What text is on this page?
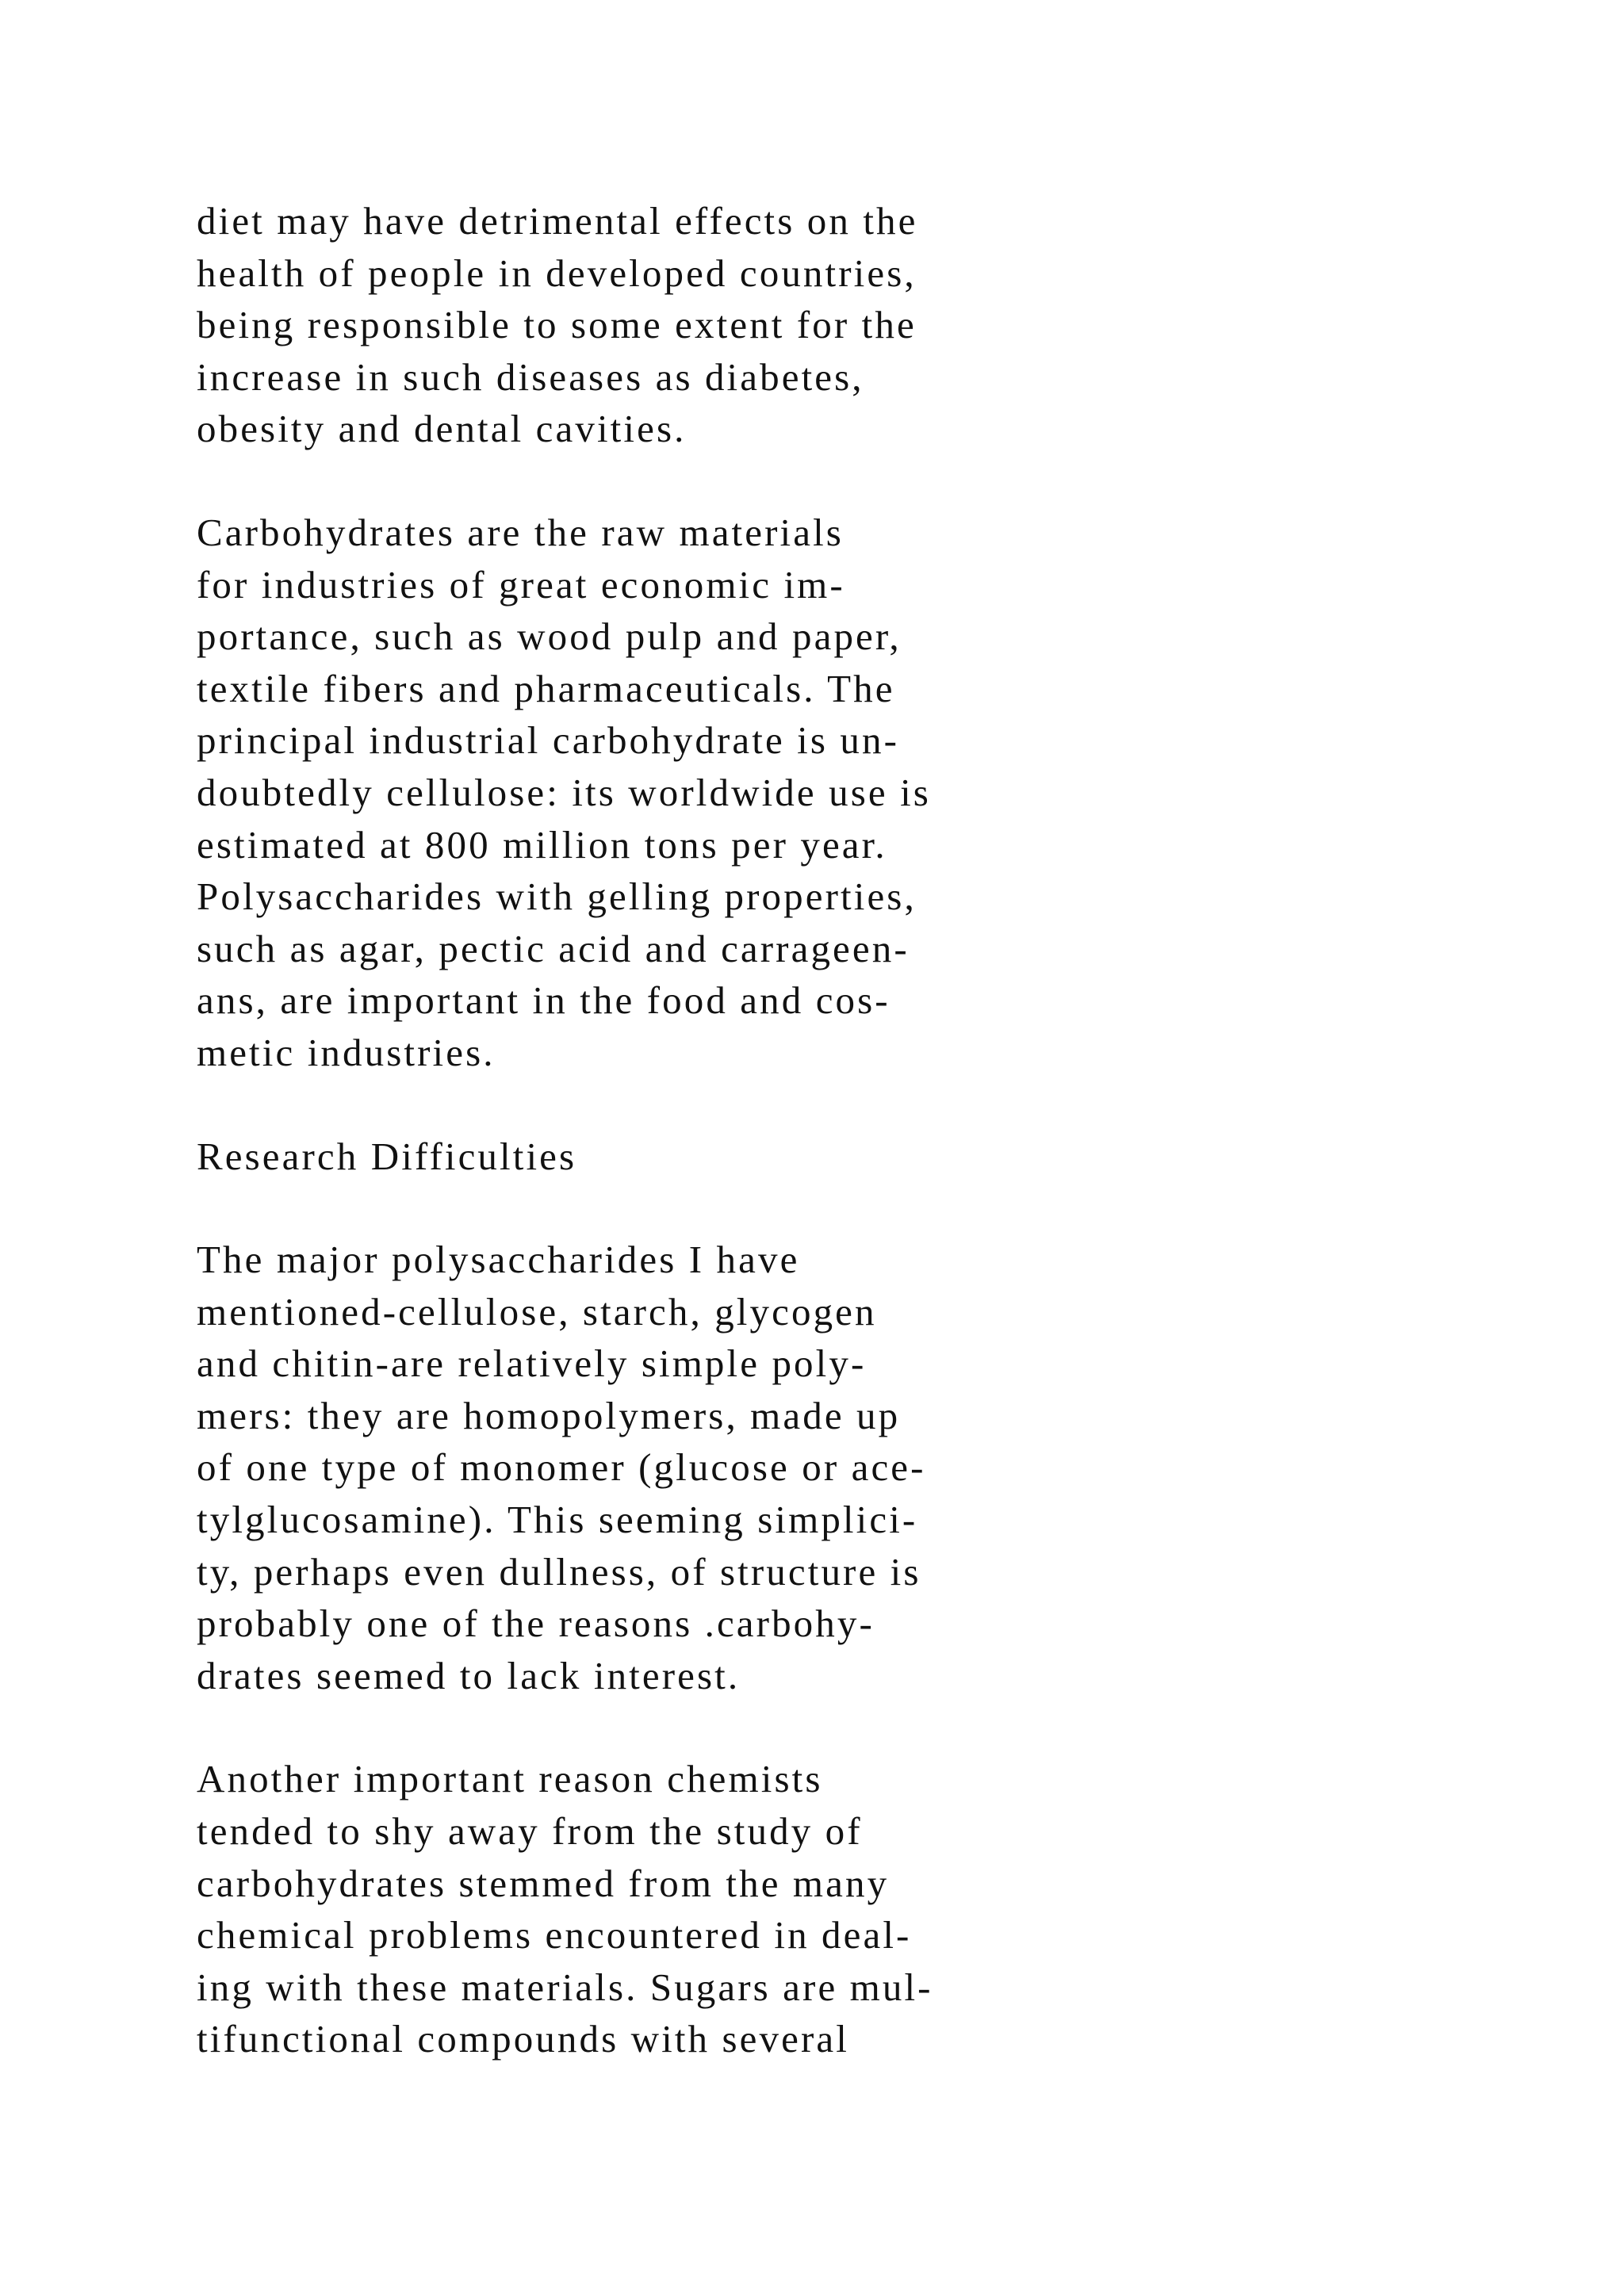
diet may have detrimental effects on the
health of people in developed countries,
being responsible to some extent for the
increase in such diseases as diabetes,
obesity and dental cavities.
Carbohydrates are the raw materials
for industries of great economic im-
portance, such as wood pulp and paper,
textile fibers and pharmaceuticals. The
principal industrial carbohydrate is un-
doubtedly cellulose: its worldwide use is
estimated at 800 million tons per year.
Polysaccharides with gelling properties,
such as agar, pectic acid and carrageen-
ans, are important in the food and cos-
metic industries.
Research Difficulties
The major polysaccharides I have
mentioned-cellulose, starch, glycogen
and chitin-are relatively simple poly-
mers: they are homopolymers, made up
of one type of monomer (glucose or ace-
tylglucosamine). This seeming simplici-
ty, perhaps even dullness, of structure is
probably one of the reasons .carbohy-
drates seemed to lack interest.
Another important reason chemists
tended to shy away from the study of
carbohydrates stemmed from the many
chemical problems encountered in deal-
ing with these materials. Sugars are mul-
tifunctional compounds with several
